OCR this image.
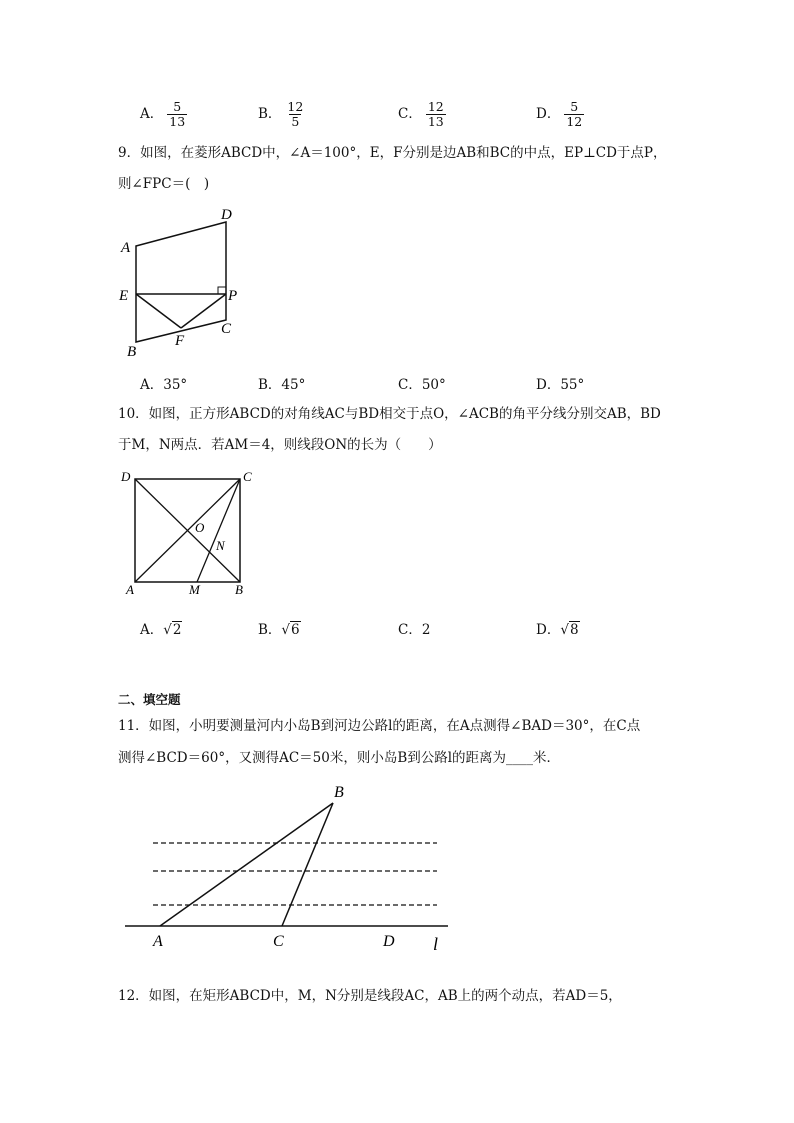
A． $\frac{5}{13}$	B． $\frac{12}{5}$	C． $\frac{12}{13}$	D． $\frac{5}{12}$
9．如图，在菱形ABCD中，∠A＝100°，E，F分别是边AB和BC的中点，EP⊥CD于点P，
则∠FPC＝(　)
A
D
E	P
C
B
F
A．35°	B．45°	C．50°	D．55°
10．如图，正方形ABCD的对角线AC与BD相交于点O，∠ACB的角平分线分别交AB，BD
于M，N两点．若AM＝4，则线段ON的长为（　　）
D	C
O
N
A	M	B
A．√2	B．√6	C．2	D．√8
二、填空题
11．如图，小明要测量河内小岛B到河边公路l的距离，在A点测得∠BAD＝30°，在C点
测得∠BCD＝60°，又测得AC＝50米，则小岛B到公路l的距离为____米．
B
A	C	D l
12．如图，在矩形ABCD中，M，N分别是线段AC，AB上的两个动点，若AD＝5，
